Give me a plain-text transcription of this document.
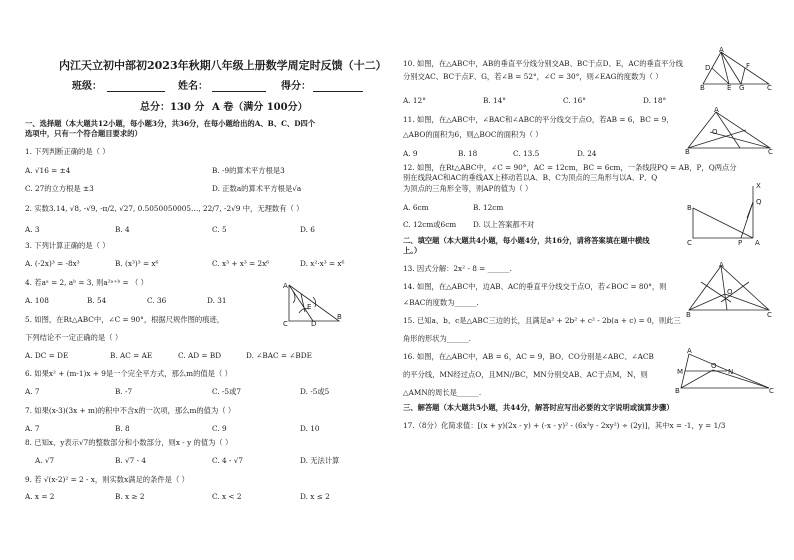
内江天立初中部初2023年秋期八年级上册数学周定时反馈（十二）
班级：	姓名：	得分：
总分：130 分 A 卷（满分 100分）
一、选择题（本大题共12小题，每小题3分，共36分，在每小题给出的A、B、C、D四个
选项中，只有一个符合题目要求的）
1. 下列判断正确的是（ ）
A. √16 = ±4	B. -9的算术平方根是3
C. 27的立方根是 ±3	D. 正数a的算术平方根是√a
2. 实数3.14, √8, -√9, -π/2, √27, 0.5050050005…, 22/7, -2√9 中，无理数有（ ）
A. 3	B. 4	C. 5	D. 6
3. 下列计算正确的是（ ）
A. (-2x)³ = -8x³	B. (x³)³ = x⁶	C. x³ + x³ = 2x⁶	D. x²·x³ = x⁶
4. 若aᵃ = 2, aᵇ = 3, 则a²ᵃ⁺ᵇ = （ ）
A. 108	B. 54	C. 36	D. 31
A
B
C	D
E
5. 如图，在Rt△ABC中，∠C = 90°，根据尺规作图的痕迹，
下列结论不一定正确的是（ ）
A. DC = DE	B. AC = AE	C. AD = BD	D. ∠BAC = ∠BDE
6. 如果x² + (m-1)x + 9是一个完全平方式，那么m的值是（ ）
A. 7	B. -7	C. -5或7	D. -5或5
7. 如果(x-3)(3x + m)的积中不含x的一次项，那么m的值为（ ）
A. 7	B. 8	C. 9	D. 10
8. 已知x、y表示√7的整数部分和小数部分，则x - y 的值为（ ）
A. √7	B. √7 - 4	C. 4 - √7	D. 无法计算
9. 若 √(x-2)² = 2 - x，则实数x满足的条件是（ ）
A. x = 2	B. x ≥ 2	C. x < 2	D. x ≤ 2
10. 如图，在△ABC中，AB的垂直平分线分别交AB、BC于点D、E，AC的垂直平分线
分别交AC、BC于点F、G，若∠B = 52°，∠C = 30°，则∠EAG的度数为（ ）
A. 12°	B. 14°	C. 16°	D. 18°
A
D	F
B	E G	C
11. 如图，在△ABC中，∠BAC和∠ABC的平分线交于点O，若AB = 6，BC = 9，
△ABO的面积为6，则△BOC的面积为（ ）
A. 9	B. 18	C. 13.5	D. 24
A
O
B	C
12. 如图，在Rt△ABC中，∠C = 90°，AC = 12cm，BC = 6cm，一条线段PQ = AB，P，Q两点分
别在线段AC和AC的垂线AX上移动若以A、B、C为顶点的三角形与以A、P、Q
为顶点的三角形全等，则AP的值为（ ）
A. 6cm	B. 12cm
C. 12cm或6cm D. 以上答案都不对
X
Q
B
A
P
C
二、填空题（本大题共4小题，每小题4分，共16分，请将答案填在题中横线
上。）
13. 因式分解：2x² - 8 = ______.
14. 如图，在△ABC中，边AB、AC的垂直平分线交于点O，若∠BOC = 80°，则
∠BAC的度数为______.
A
O
B	C
15. 已知a、b、c是△ABC三边的长，且满足a² + 2b² + c² - 2b(a + c) = 0，则此三
角形的形状为______.
16. 如图，在△ABC中，AB = 6，AC = 9，BO、CO分别是∠ABC、∠ACB
的平分线，MN经过点O，且MN//BC，MN分别交AB、AC于点M，N，则
△AMN的周长是______.
A
M
O
N
B	C
三、解答题（本大题共5小题，共44分，解答时应写出必要的文字说明或演算步骤）
17.（8分）化简求值：[(x + y)(2x - y) + (-x - y)² - (6x²y - 2xy²) ÷ (2y)]，其中x = -1，y = 1/3
